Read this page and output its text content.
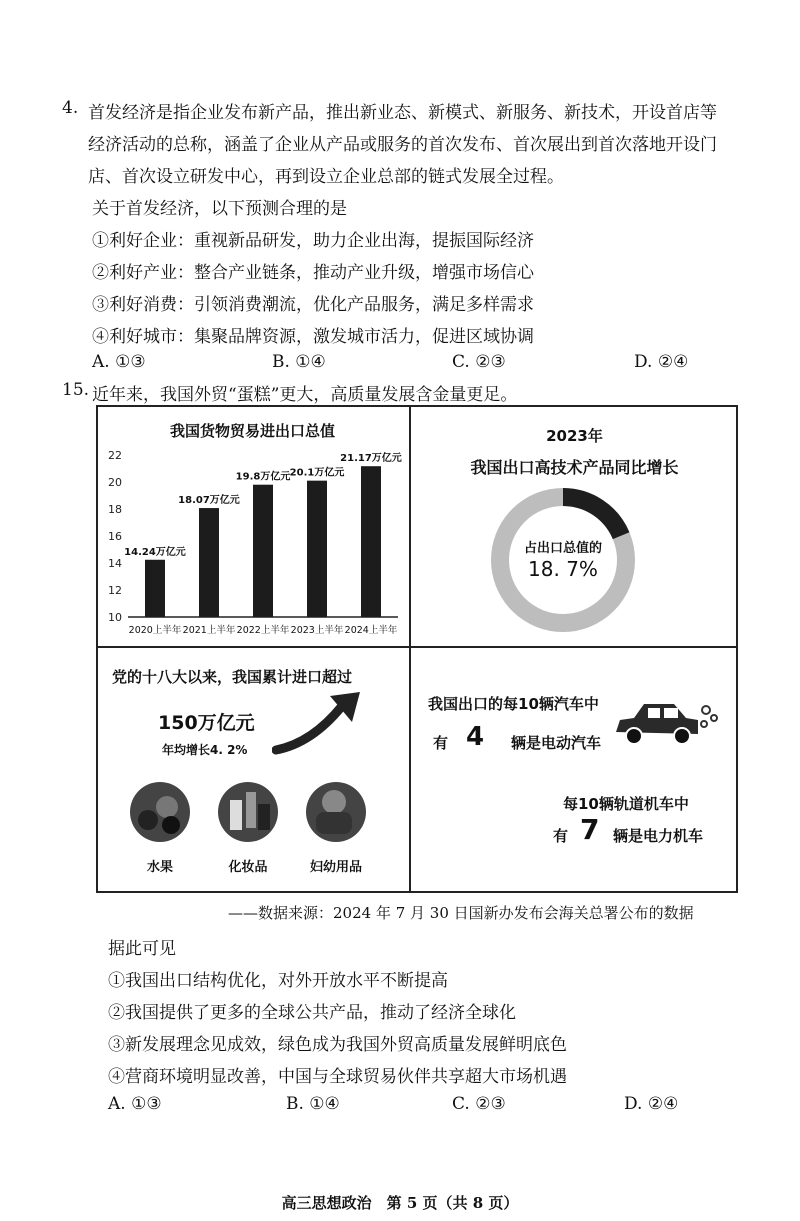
4. 首发经济是指企业发布新产品，推出新业态、新模式、新服务、新技术，开设首店等
经济活动的总称，涵盖了企业从产品或服务的首次发布、首次展出到首次落地开设门
店、首次设立研发中心，再到设立企业总部的链式发展全过程。
关于首发经济，以下预测合理的是
①利好企业：重视新品研发，助力企业出海，提振国际经济
②利好产业：整合产业链条，推动产业升级，增强市场信心
③利好消费：引领消费潮流，优化产品服务，满足多样需求
④利好城市：集聚品牌资源，激发城市活力，促进区域协调
A. ①③	B. ①④	C. ②③	D. ②④
15. 近年来，我国外贸“蛋糕”更大，高质量发展含金量更足。
我国货物贸易进出口总值
10
12
14
16
18
20
22
14.24万亿元
18.07万亿元
19.8万亿元 20.1万亿元
21.17万亿元
2020上半年 2021上半年 2022上半年 2023上半年 2024上半年
2023年
我国出口高技术产品同比增长
占出口总值的
18. 7%
党的十八大以来，我国累计进口超过
150万亿元
年均增长4. 2%
水果	化妆品	妇幼用品
我国出口的每10辆汽车中
有 4 辆是电动汽车
每10辆轨道机车中
有 7 辆是电力机车
——数据来源：2024 年 7 月 30 日国新办发布会海关总署公布的数据
据此可见
①我国出口结构优化，对外开放水平不断提高
②我国提供了更多的全球公共产品，推动了经济全球化
③新发展理念见成效，绿色成为我国外贸高质量发展鲜明底色
④营商环境明显改善，中国与全球贸易伙伴共享超大市场机遇
A. ①③	B. ①④	C. ②③	D. ②④
高三思想政治　第 5 页（共 8 页）
